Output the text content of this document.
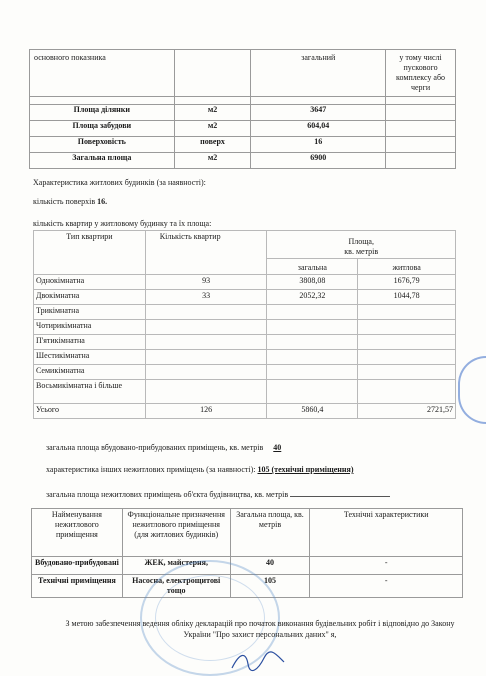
основного показника		загальний	у тому числі пускового комплексу або черги

Площа ділянки	м2	3647	
Площа забудови	м2	604,04	
Поверховість	поверх	16	
Загальна площа	м2	6900	
Характеристика житлових будинків (за наявності):
кількість поверхів 16.
кількість квартир у житловому будинку та їх площа:
Тип квартири	Кількість квартир	Площа,
кв. метрів	
		загальна	житлова
Однокімнатна	93	3808,08	1676,79
Двокімнатна	33	2052,32	1044,78
Трикімнатна			
Чотирикімнатна			
П'ятикімнатна			
Шестикімнатна			
Семикімнатна			
Восьмикімнатна і більше			
Усього	126	5860,4	2721,57
загальна площа вбудовано-прибудованих приміщень, кв. метрів 40
характеристика інших нежитлових приміщень (за наявності): 105 (технічні приміщення)
загальна площа нежитлових приміщень об'єкта будівництва, кв. метрів
Найменування нежитлового приміщення	Функціональне призначення нежитлового приміщення (для житлових будинків)	Загальна площа, кв. метрів	Технічні характеристики
Вбудовано-прибудовані	ЖЕК, майстерня,	40	-
Технічні приміщення	Насосна, електрощитові тощо	105	-
З метою забезпечення ведення обліку декларацій про початок виконання будівельних робіт і відповідно до Закону України "Про захист персональних даних" я,
